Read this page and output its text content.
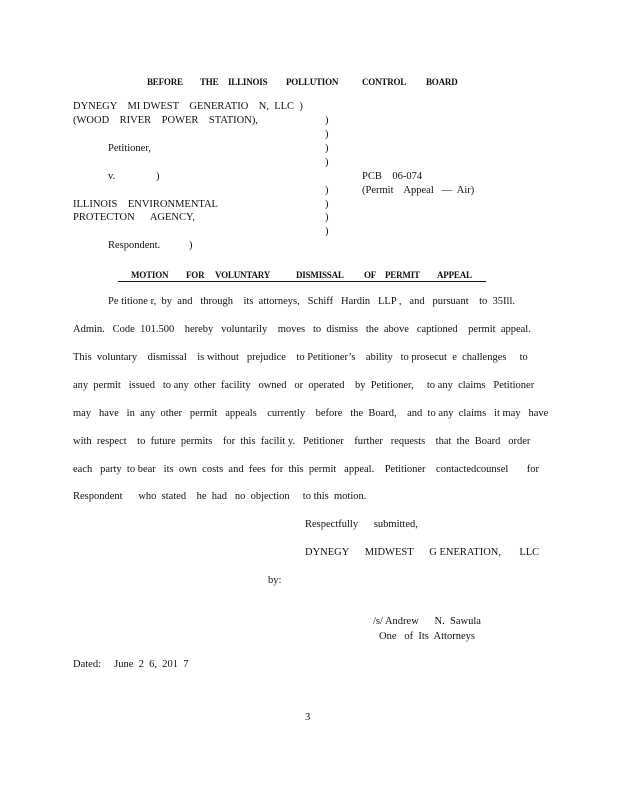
BEFORE THE ILLINOIS POLLUTION	CONTROL BOARD
DYNEGY    MI DWEST    GENERATIO    N,  LLC  )
(WOOD    RIVER    POWER    STATION),	)
)
Petitioner,	)
)
v.	)	PCB    06-074
)	(Permit    Appeal   —  Air)
ILLINOIS    ENVIRONMENTAL	)
PROTECTON      AGENCY,	)
)
Respondent.	)
MOTION FOR VOLUNTARY	DISMISSAL OF PERMIT APPEAL
Pe titione r,  by  and   through    its  attorneys,   Schiff   Hardin   LLP ,   and   pursuant    to  35Ill.
Admin.   Code  101.500    hereby   voluntarily    moves   to  dismiss   the  above   captioned    permit  appeal.
This  voluntary    dismissal    is without   prejudice    to Petitioner’s    ability   to prosecut  e  challenges     to
any  permit   issued   to any  other  facility   owned   or  operated    by  Petitioner,     to any  claims   Petitioner
may   have   in  any  other   permit   appeals    currently    before   the  Board,    and  to any  claims   it may   have
with  respect    to  future  permits    for  this  facilit y.   Petitioner    further   requests    that  the  Board   order
each   party  to bear   its  own  costs  and  fees  for  this  permit   appeal.    Petitioner    contactedcounsel       for
Respondent      who  stated    he  had   no  objection     to this  motion.
Respectfully      submitted,
DYNEGY      MIDWEST      G ENERATION,       LLC
by:
/s/ Andrew      N.  Sawula
One   of  Its  Attorneys
Dated:     June  2  6,  201  7
3
